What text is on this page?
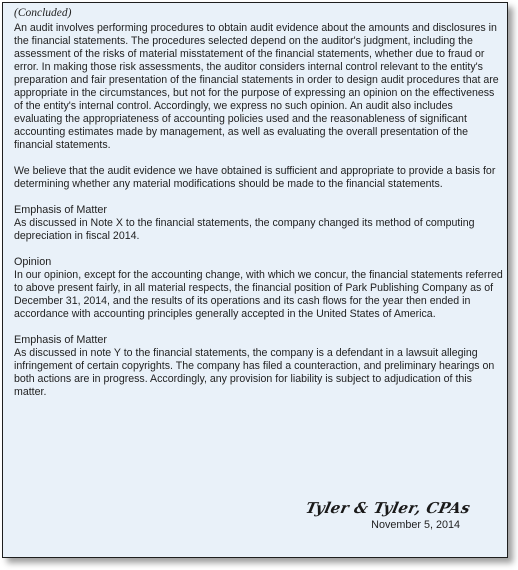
(Concluded)

An audit involves performing procedures to obtain audit evidence about the amounts and disclosures in the financial statements. The procedures selected depend on the auditor's judgment, including the assessment of the risks of material misstatement of the financial statements, whether due to fraud or error. In making those risk assessments, the auditor considers internal control relevant to the entity's preparation and fair presentation of the financial statements in order to design audit procedures that are appropriate in the circumstances, but not for the purpose of expressing an opinion on the effectiveness of the entity's internal control. Accordingly, we express no such opinion. An audit also includes evaluating the appropriateness of accounting policies used and the reasonableness of significant accounting estimates made by management, as well as evaluating the overall presentation of the financial statements.

We believe that the audit evidence we have obtained is sufficient and appropriate to provide a basis for determining whether any material modifications should be made to the financial statements.

Emphasis of Matter

As discussed in Note X to the financial statements, the company changed its method of computing depreciation in fiscal 2014.

Opinion

In our opinion, except for the accounting change, with which we concur, the financial statements referred to above present fairly, in all material respects, the financial position of Park Publishing Company as of December 31, 2014, and the results of its operations and its cash flows for the year then ended in accordance with accounting principles generally accepted in the United States of America.

Emphasis of Matter

As discussed in note Y to the financial statements, the company is a defendant in a lawsuit alleging infringement of certain copyrights. The company has filed a counteraction, and preliminary hearings on both actions are in progress. Accordingly, any provision for liability is subject to adjudication of this matter.

Tyler & Tyler, CPAs
November 5, 2014
